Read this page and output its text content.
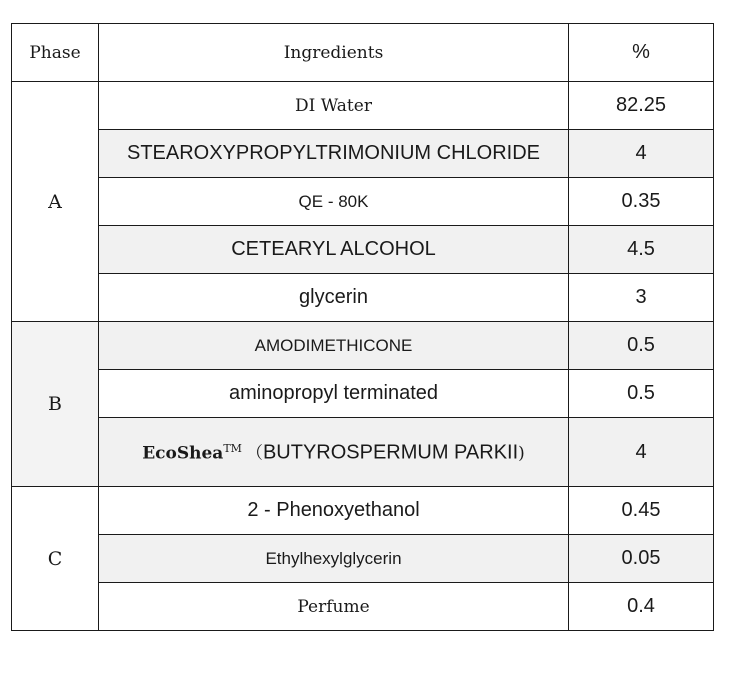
Phase	Ingredients	%
A	DI Water	82.25
	STEAROXYPROPYLTRIMONIUM CHLORIDE	4
	QE - 80K	0.35
	CETEARYL ALCOHOL	4.5
	glycerin	3
B	AMODIMETHICONE	0.5
	aminopropyl terminated	0.5

	EcoShea™ （BUTYROSPERMUM PARKII)	4
C	2 - Phenoxyethanol	0.45
	Ethylhexylglycerin	0.05
	Perfume	0.4
